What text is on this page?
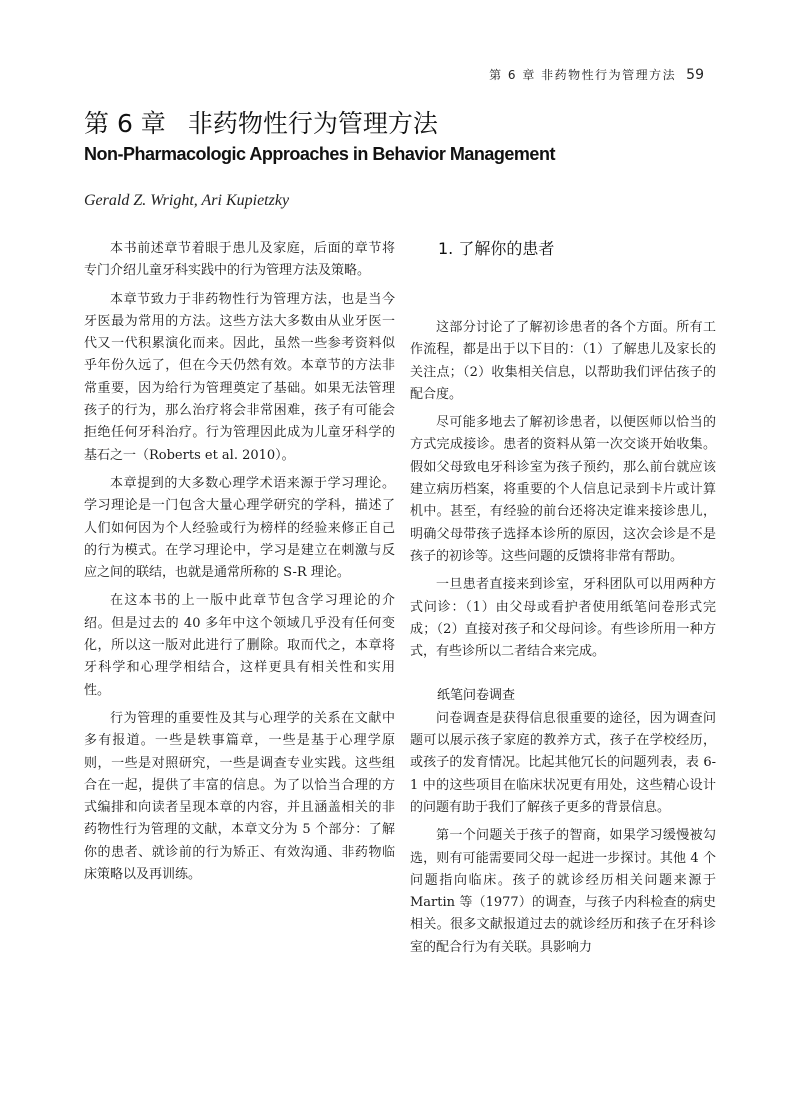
第 6 章 非药物性行为管理方法 59
第 6 章 非药物性行为管理方法
Non-Pharmacologic Approaches in Behavior Management
Gerald Z. Wright, Ari Kupietzky

本书前述章节着眼于患儿及家庭，后面的章节将专门介绍儿童牙科实践中的行为管理方法及策略。

本章节致力于非药物性行为管理方法，也是当今牙医最为常用的方法。这些方法大多数由从业牙医一代又一代积累演化而来。因此，虽然一些参考资料似乎年份久远了，但在今天仍然有效。本章节的方法非常重要，因为给行为管理奠定了基础。如果无法管理孩子的行为，那么治疗将会非常困难，孩子有可能会拒绝任何牙科治疗。行为管理因此成为儿童牙科学的基石之一（Roberts et al. 2010）。

本章提到的大多数心理学术语来源于学习理论。学习理论是一门包含大量心理学研究的学科，描述了人们如何因为个人经验或行为榜样的经验来修正自己的行为模式。在学习理论中，学习是建立在刺激与反应之间的联结，也就是通常所称的 S-R 理论。

在这本书的上一版中此章节包含学习理论的介绍。但是过去的 40 多年中这个领域几乎没有任何变化，所以这一版对此进行了删除。取而代之，本章将牙科学和心理学相结合，这样更具有相关性和实用性。

行为管理的重要性及其与心理学的关系在文献中多有报道。一些是轶事篇章，一些是基于心理学原则，一些是对照研究，一些是调查专业实践。这些组合在一起，提供了丰富的信息。为了以恰当合理的方式编排和向读者呈现本章的内容，并且涵盖相关的非药物性行为管理的文献，本章文分为 5 个部分：了解你的患者、就诊前的行为矫正、有效沟通、非药物临床策略以及再训练。

1. 了解你的患者

这部分讨论了了解初诊患者的各个方面。所有工作流程，都是出于以下目的：（1）了解患儿及家长的关注点；（2）收集相关信息，以帮助我们评估孩子的配合度。

尽可能多地去了解初诊患者，以便医师以恰当的方式完成接诊。患者的资料从第一次交谈开始收集。假如父母致电牙科诊室为孩子预约，那么前台就应该建立病历档案，将重要的个人信息记录到卡片或计算机中。甚至，有经验的前台还将决定谁来接诊患儿，明确父母带孩子选择本诊所的原因，这次会诊是不是孩子的初诊等。这些问题的反馈将非常有帮助。

一旦患者直接来到诊室，牙科团队可以用两种方式问诊：（1）由父母或看护者使用纸笔问卷形式完成；（2）直接对孩子和父母问诊。有些诊所用一种方式，有些诊所以二者结合来完成。

纸笔问卷调查

问卷调查是获得信息很重要的途径，因为调查问题可以展示孩子家庭的教养方式，孩子在学校经历，或孩子的发育情况。比起其他冗长的问题列表，表 6-1 中的这些项目在临床状况更有用处，这些精心设计的问题有助于我们了解孩子更多的背景信息。

第一个问题关于孩子的智商，如果学习缓慢被勾选，则有可能需要同父母一起进一步探讨。其他 4 个问题指向临床。孩子的就诊经历相关问题来源于 Martin 等（1977）的调查，与孩子内科检查的病史相关。很多文献报道过去的就诊经历和孩子在牙科诊室的配合行为有关联。具影响力
